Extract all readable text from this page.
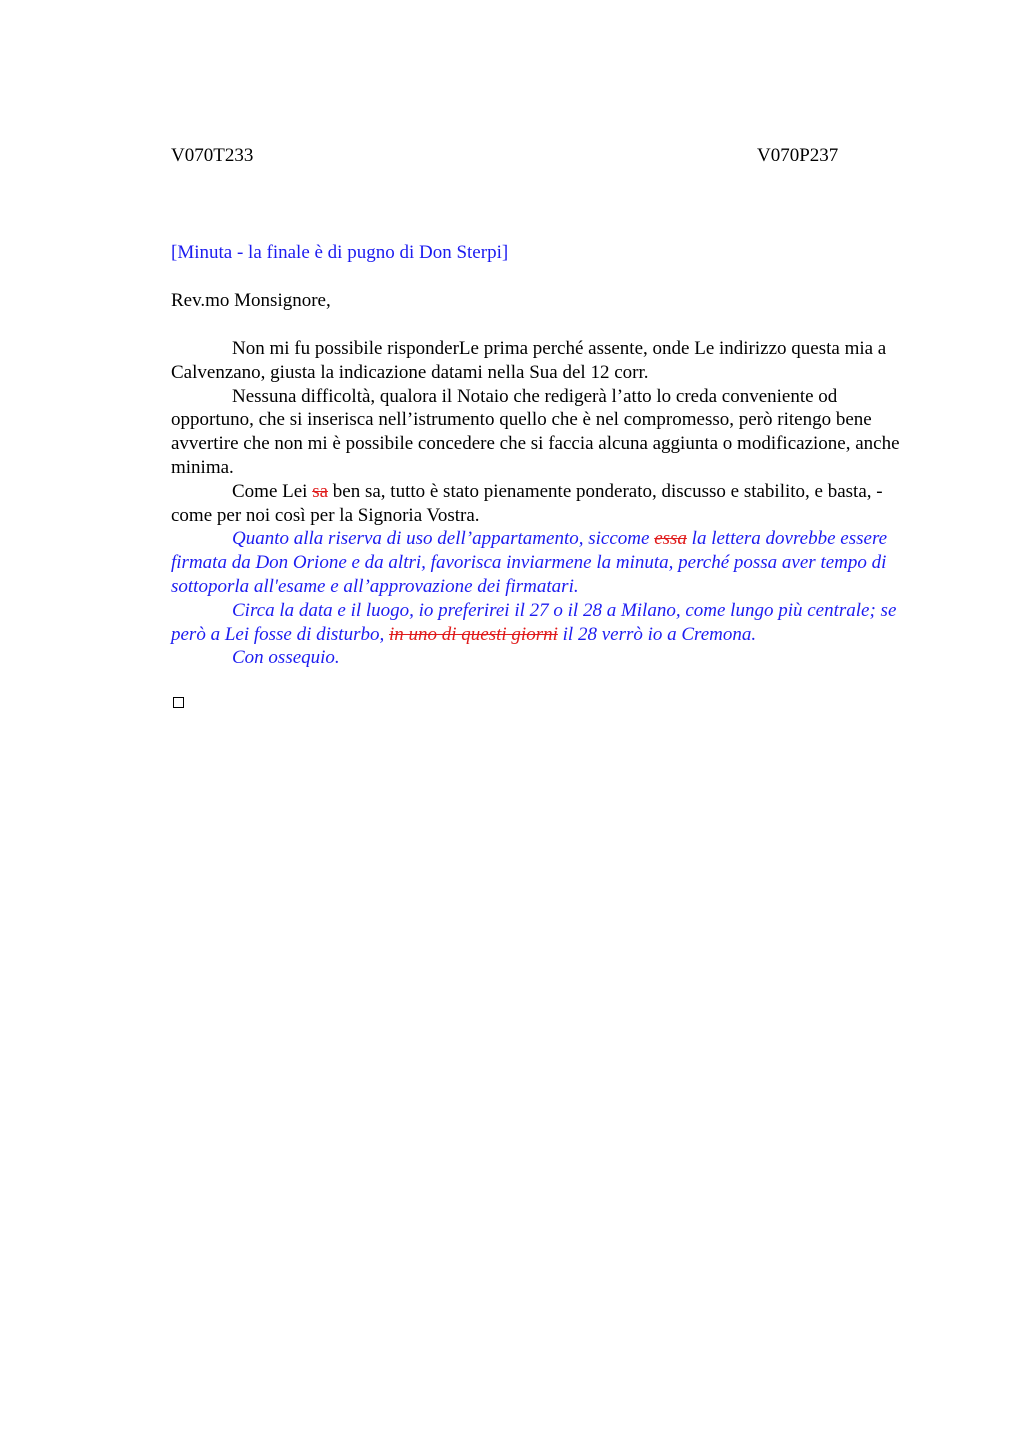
V070T233	V070P237
[Minuta - la finale è di pugno di Don Sterpi]
Rev.mo Monsignore,

Non mi fu possibile risponderLe prima perché assente, onde Le indirizzo questa mia a Calvenzano, giusta la indicazione datami nella Sua del 12 corr.

Nessuna difficoltà, qualora il Notaio che redigerà l’atto lo creda conveniente od opportuno, che si inserisca nell’istrumento quello che è nel compromesso, però ritengo bene avvertire che non mi è possibile concedere che si faccia alcuna aggiunta o modificazione, anche minima.

Come Lei sa ben sa, tutto è stato pienamente ponderato, discusso e stabilito, e basta, - come per noi così per la Signoria Vostra.

Quanto alla riserva di uso dell’appartamento, siccome essa la lettera dovrebbe essere firmata da Don Orione e da altri, favorisca inviarmene la minuta, perché possa aver tempo di sottoporla all'esame e all’approvazione dei firmatari.

Circa la data e il luogo, io preferirei il 27 o il 28 a Milano, come lungo più centrale; se però a Lei fosse di disturbo, in uno di questi giorni il 28 verrò io a Cremona.

Con ossequio.
